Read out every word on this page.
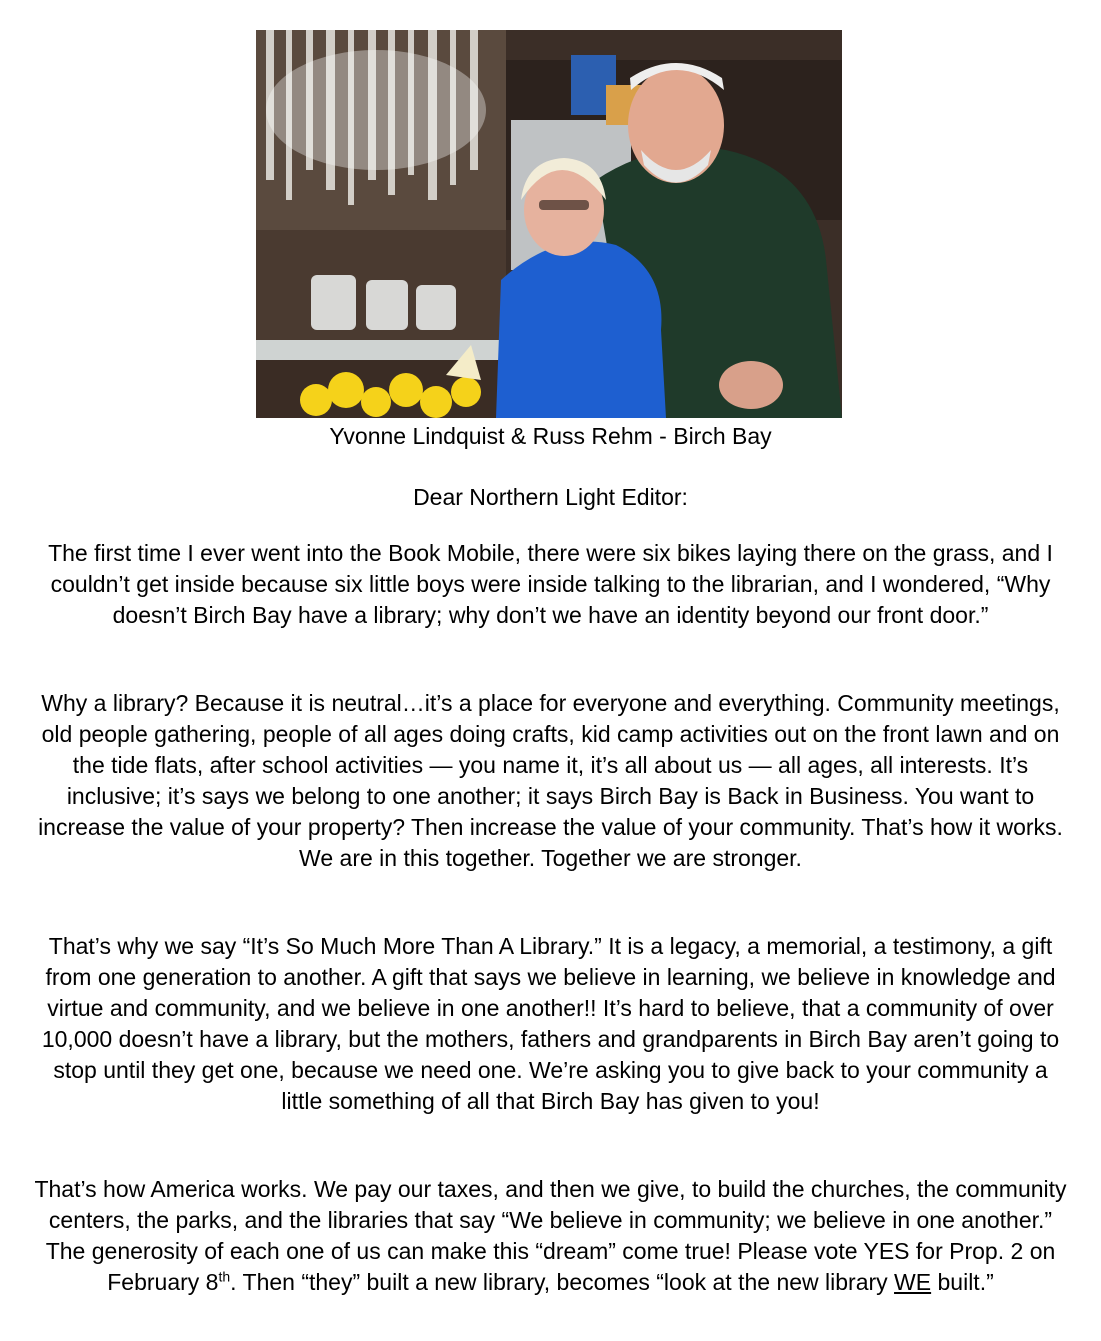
Yvonne Lindquist & Russ Rehm - Birch Bay
Dear Northern Light Editor:

The first time I ever went into the Book Mobile, there were six bikes laying there on the grass, and I couldn’t get inside because six little boys were inside talking to the librarian, and I wondered, “Why doesn’t Birch Bay have a library; why don’t we have an identity beyond our front door.”

Why a library? Because it is neutral…it’s a place for everyone and everything. Community meetings, old people gathering, people of all ages doing crafts, kid camp activities out on the front lawn and on the tide flats, after school activities — you name it, it’s all about us — all ages, all interests. It’s inclusive; it’s says we belong to one another; it says Birch Bay is Back in Business. You want to increase the value of your property? Then increase the value of your community. That’s how it works. We are in this together. Together we are stronger.

That’s why we say “It’s So Much More Than A Library.” It is a legacy, a memorial, a testimony, a gift from one generation to another. A gift that says we believe in learning, we believe in knowledge and virtue and community, and we believe in one another!! It’s hard to believe, that a community of over 10,000 doesn’t have a library, but the mothers, fathers and grandparents in Birch Bay aren’t going to stop until they get one, because we need one. We’re asking you to give back to your community a little something of all that Birch Bay has given to you!

That’s how America works. We pay our taxes, and then we give, to build the churches, the community centers, the parks, and the libraries that say “We believe in community; we believe in one another.” The generosity of each one of us can make this “dream” come true! Please vote YES for Prop. 2 on February 8th. Then “they” built a new library, becomes “look at the new library WE built.”
